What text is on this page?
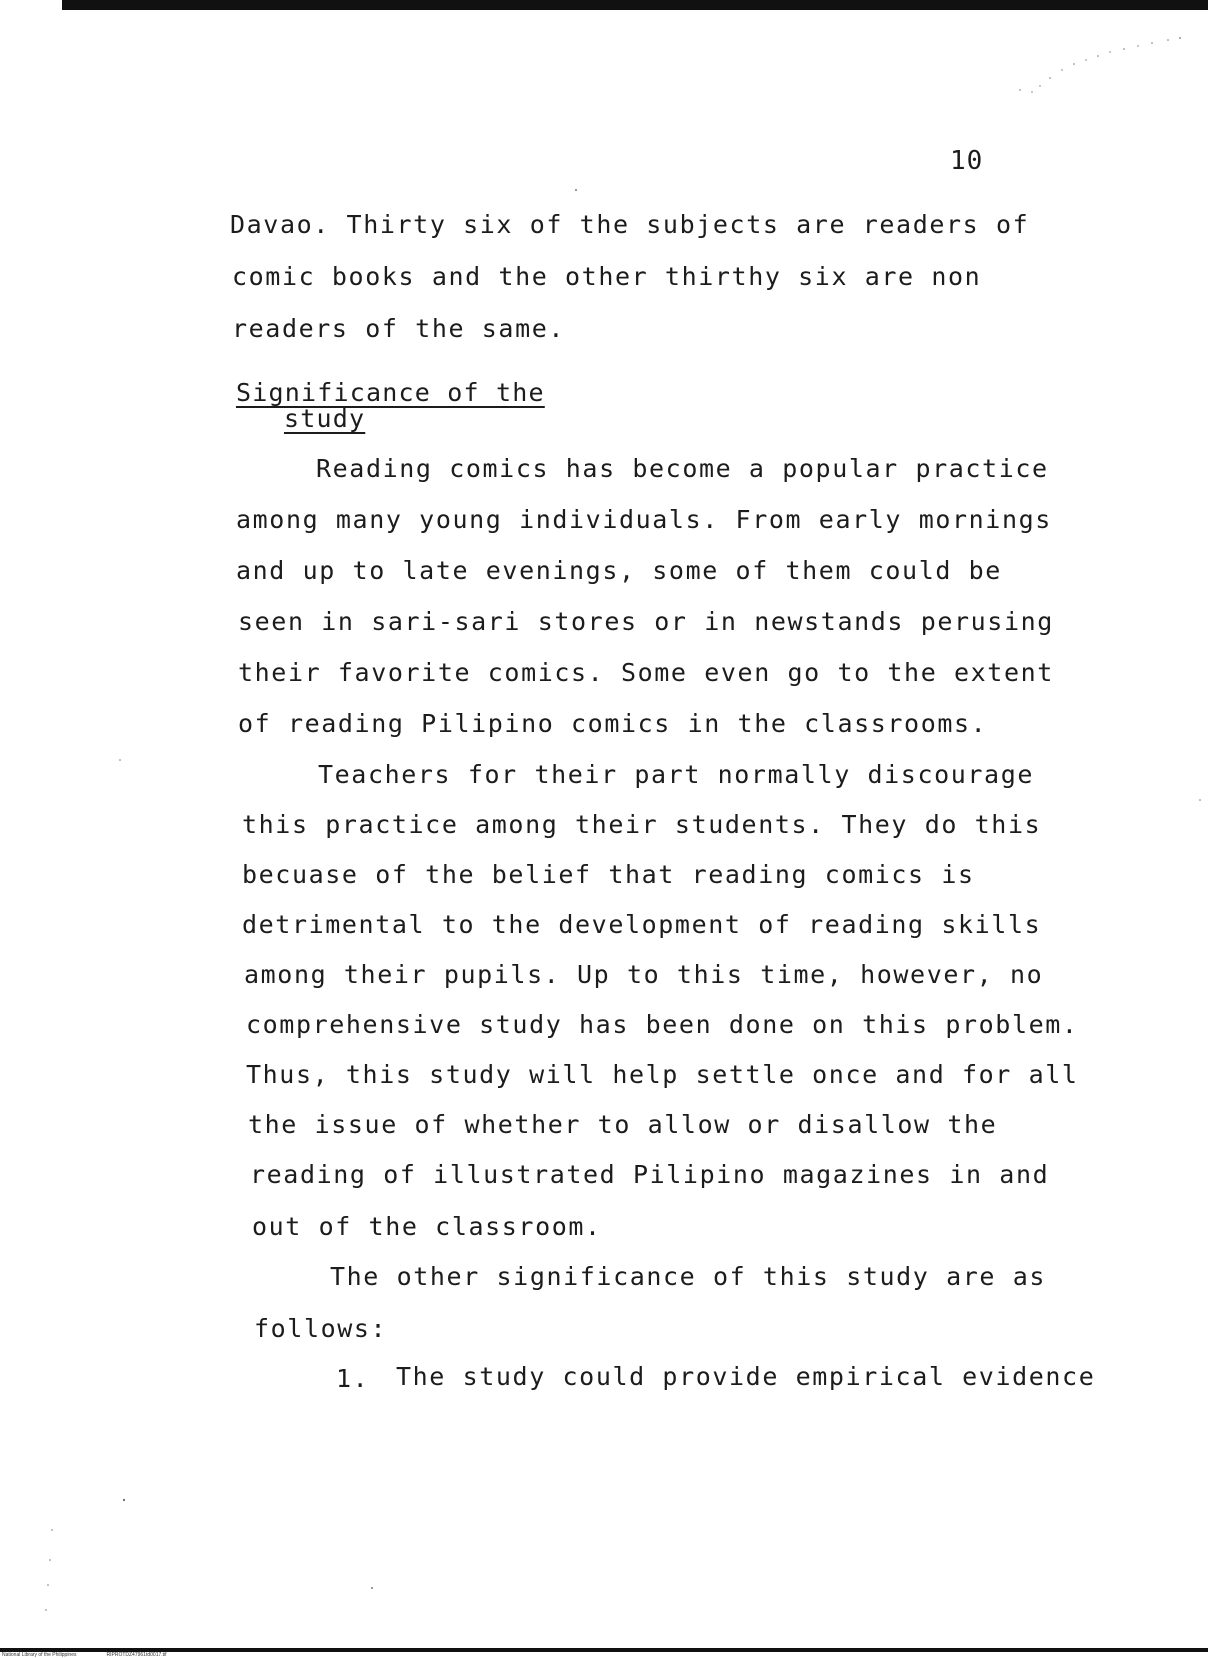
10
Davao. Thirty six of the subjects are readers of
comic books and the other thirthy six are non
readers of the same.
Significance of the
study
Reading comics has become a popular practice
among many young individuals. From early mornings
and up to late evenings, some of them could be
seen in sari-sari stores or in newstands perusing
their favorite comics. Some even go to the extent
of reading Pilipino comics in the classrooms.
Teachers for their part normally discourage
this practice among their students. They do this
becuase of the belief that reading comics is
detrimental to the development of reading skills
among their pupils. Up to this time, however, no
comprehensive study has been done on this problem.
Thus, this study will help settle once and for all
the issue of whether to allow or disallow the
reading of illustrated Pilipino magazines in and
out of the classroom.
The other significance of this study are as
follows:
1. The study could provide empirical evidence
National Library of the Philippines	RIPROTDZ47961td0017.tif
